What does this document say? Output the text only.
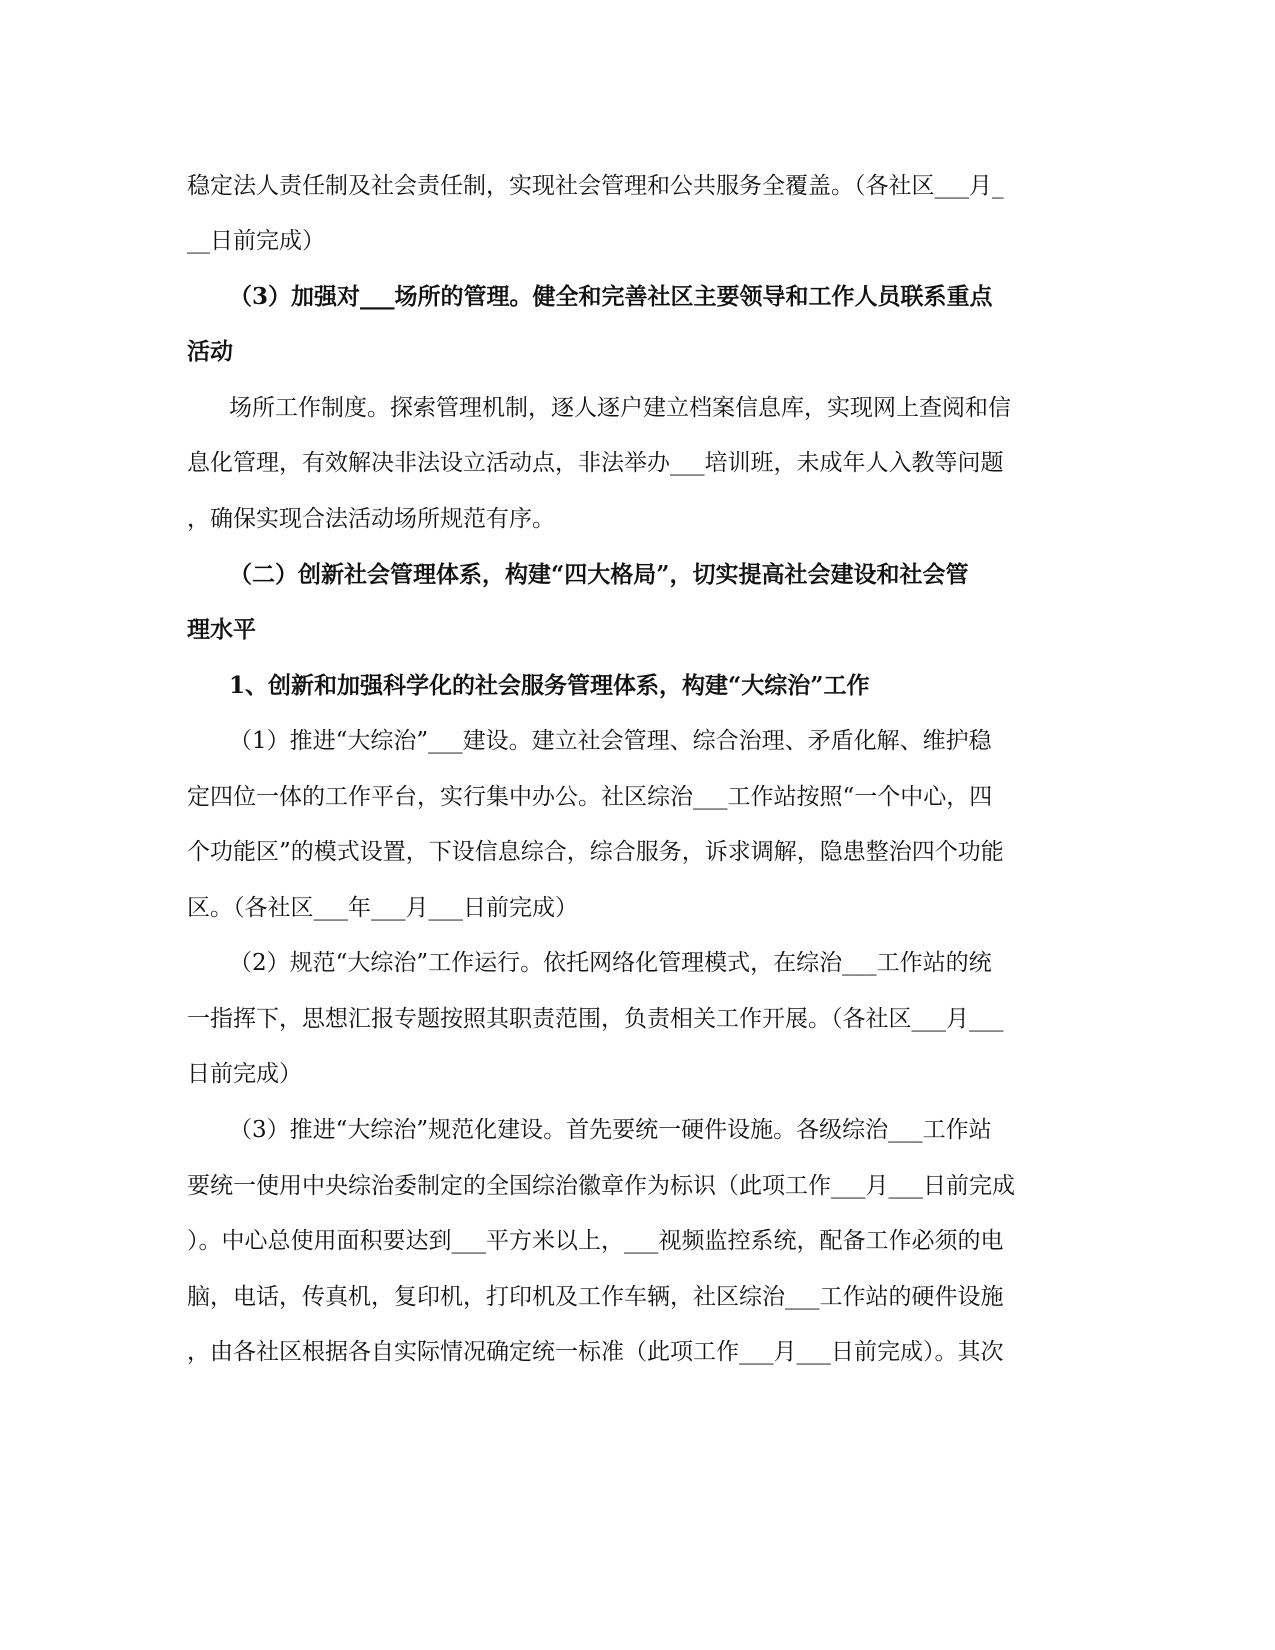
稳定法人责任制及社会责任制，实现社会管理和公共服务全覆盖。（各社区___月_
__日前完成）
（3）加强对___场所的管理。健全和完善社区主要领导和工作人员联系重点
活动
场所工作制度。探索管理机制，逐人逐户建立档案信息库，实现网上查阅和信
息化管理，有效解决非法设立活动点，非法举办___培训班，未成年人入教等问题
，确保实现合法活动场所规范有序。
（二）创新社会管理体系，构建“四大格局”，切实提高社会建设和社会管
理水平
1、创新和加强科学化的社会服务管理体系，构建“大综治”工作
（1）推进“大综治”___建设。建立社会管理、综合治理、矛盾化解、维护稳
定四位一体的工作平台，实行集中办公。社区综治___工作站按照“一个中心，四
个功能区”的模式设置，下设信息综合，综合服务，诉求调解，隐患整治四个功能
区。（各社区___年___月___日前完成）
（2）规范“大综治”工作运行。依托网络化管理模式，在综治___工作站的统
一指挥下，思想汇报专题按照其职责范围，负责相关工作开展。（各社区___月___
日前完成）
（3）推进“大综治”规范化建设。首先要统一硬件设施。各级综治___工作站
要统一使用中央综治委制定的全国综治徽章作为标识（此项工作___月___日前完成
）。中心总使用面积要达到___平方米以上，___视频监控系统，配备工作必须的电
脑，电话，传真机，复印机，打印机及工作车辆，社区综治___工作站的硬件设施
，由各社区根据各自实际情况确定统一标准（此项工作___月___日前完成）。其次
